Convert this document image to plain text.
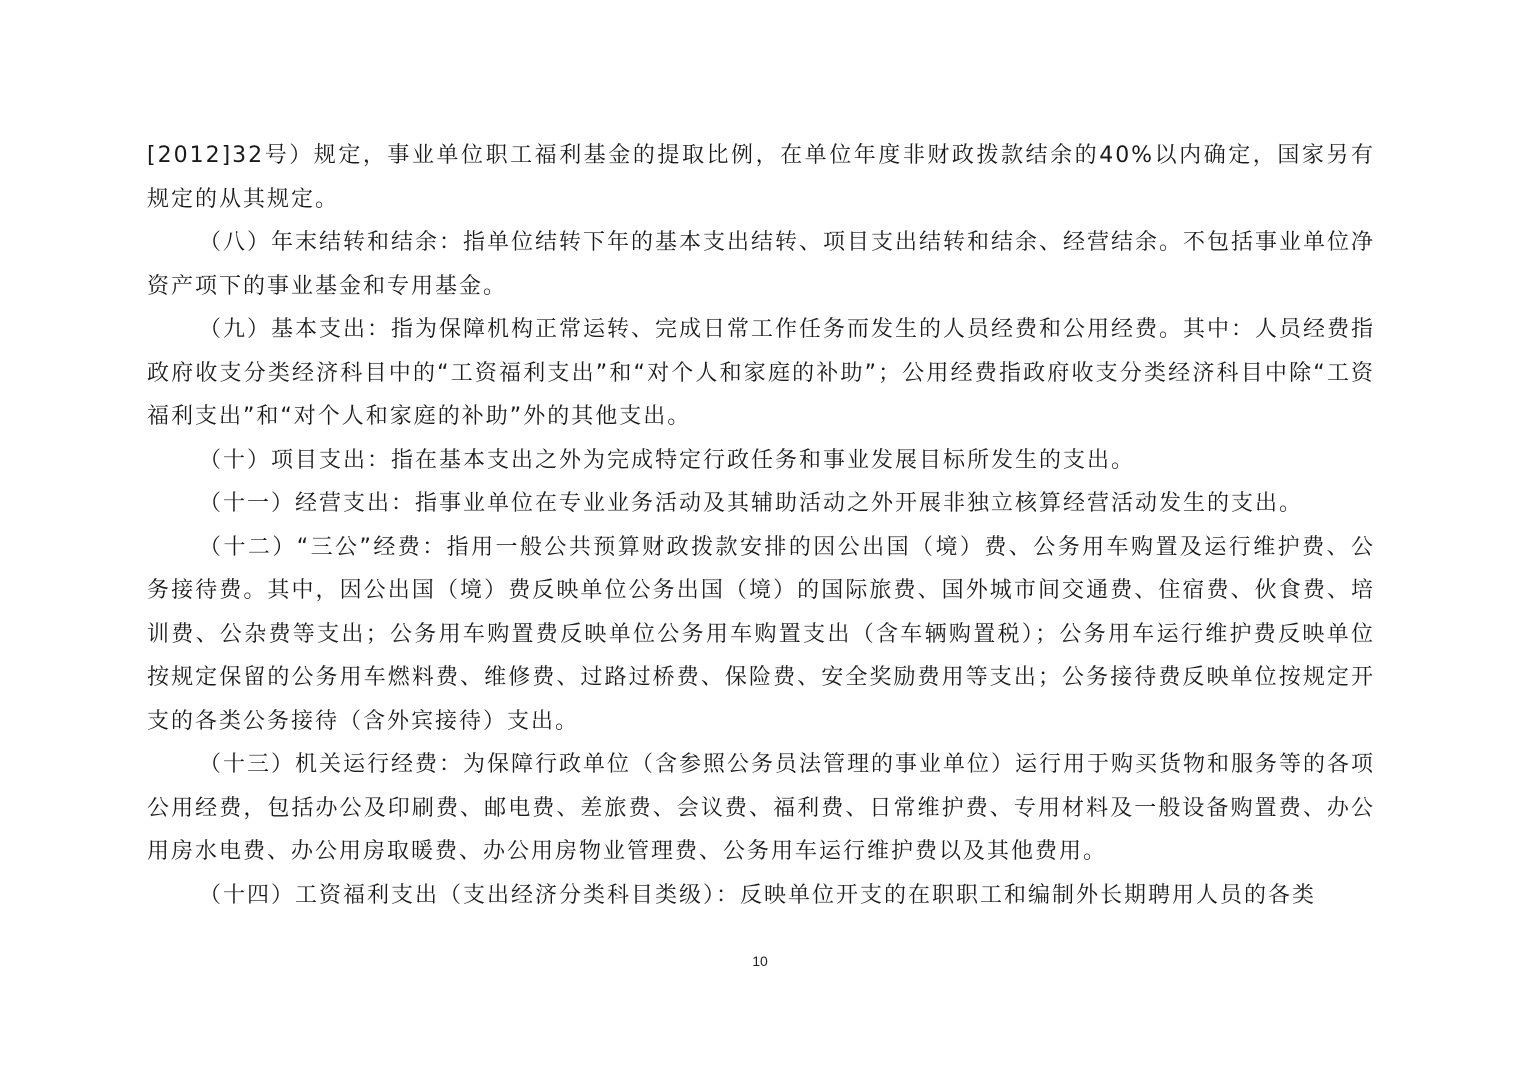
[2012]32号）规定，事业单位职工福利基金的提取比例，在单位年度非财政拨款结余的40%以内确定，国家另有规定的从其规定。

（八）年末结转和结余：指单位结转下年的基本支出结转、项目支出结转和结余、经营结余。不包括事业单位净资产项下的事业基金和专用基金。

（九）基本支出：指为保障机构正常运转、完成日常工作任务而发生的人员经费和公用经费。其中：人员经费指政府收支分类经济科目中的“工资福利支出”和“对个人和家庭的补助”；公用经费指政府收支分类经济科目中除“工资福利支出”和“对个人和家庭的补助”外的其他支出。

（十）项目支出：指在基本支出之外为完成特定行政任务和事业发展目标所发生的支出。

（十一）经营支出：指事业单位在专业业务活动及其辅助活动之外开展非独立核算经营活动发生的支出。

（十二）“三公”经费：指用一般公共预算财政拨款安排的因公出国（境）费、公务用车购置及运行维护费、公务接待费。其中，因公出国（境）费反映单位公务出国（境）的国际旅费、国外城市间交通费、住宿费、伙食费、培训费、公杂费等支出；公务用车购置费反映单位公务用车购置支出（含车辆购置税）；公务用车运行维护费反映单位按规定保留的公务用车燃料费、维修费、过路过桥费、保险费、安全奖励费用等支出；公务接待费反映单位按规定开支的各类公务接待（含外宾接待）支出。

（十三）机关运行经费：为保障行政单位（含参照公务员法管理的事业单位）运行用于购买货物和服务等的各项公用经费，包括办公及印刷费、邮电费、差旅费、会议费、福利费、日常维护费、专用材料及一般设备购置费、办公用房水电费、办公用房取暖费、办公用房物业管理费、公务用车运行维护费以及其他费用。

（十四）工资福利支出（支出经济分类科目类级）：反映单位开支的在职职工和编制外长期聘用人员的各类

10
